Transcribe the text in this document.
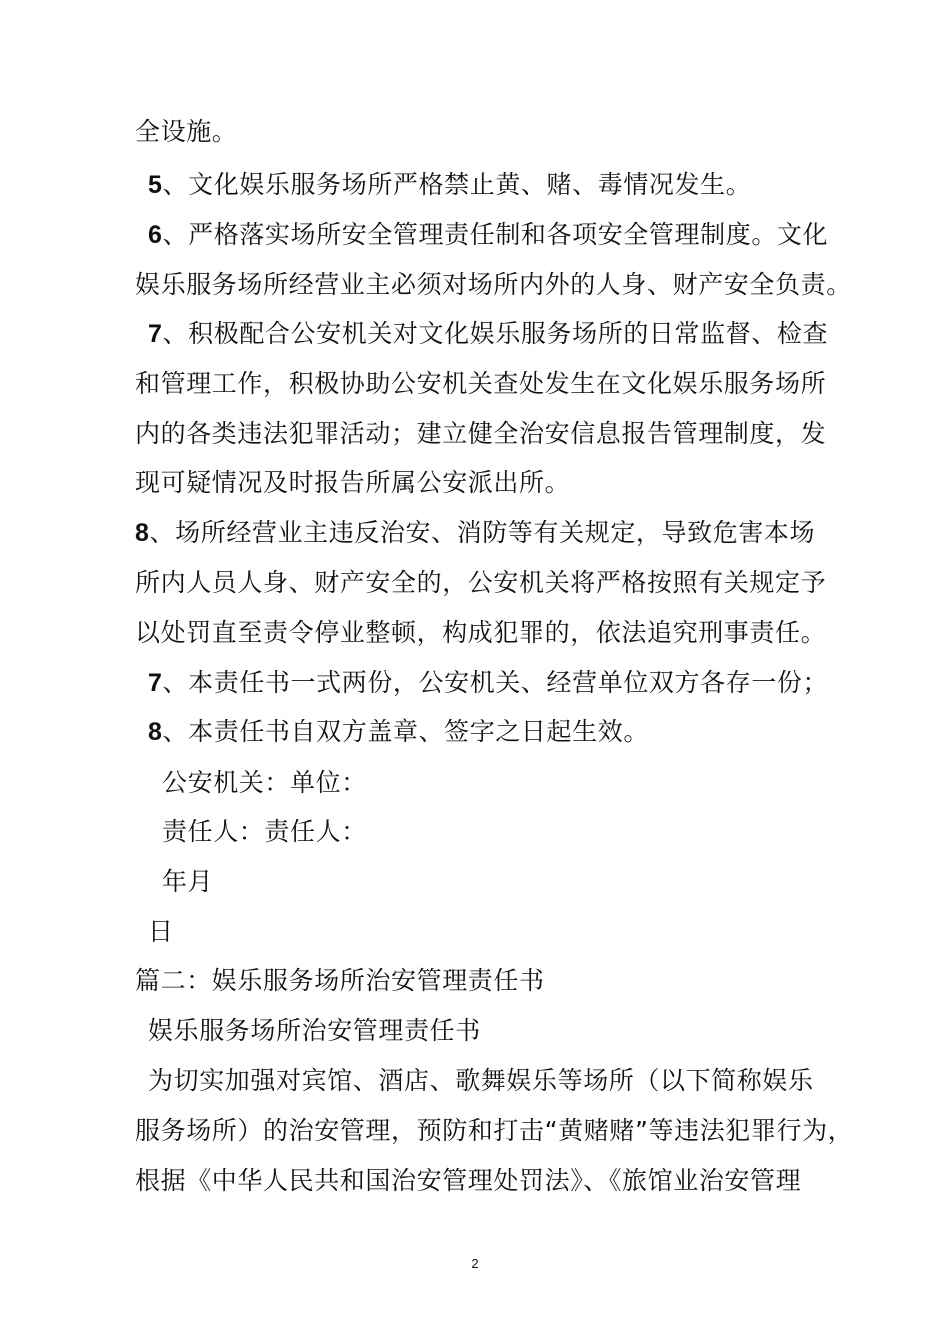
全设施。
5、文化娱乐服务场所严格禁止黄、赌、毒情况发生。
6、严格落实场所安全管理责任制和各项安全管理制度。文化
娱乐服务场所经营业主必须对场所内外的人身、财产安全负责。
7、积极配合公安机关对文化娱乐服务场所的日常监督、检查
和管理工作，积极协助公安机关查处发生在文化娱乐服务场所
内的各类违法犯罪活动；建立健全治安信息报告管理制度，发
现可疑情况及时报告所属公安派出所。
8、场所经营业主违反治安、消防等有关规定，导致危害本场
所内人员人身、财产安全的，公安机关将严格按照有关规定予
以处罚直至责令停业整顿，构成犯罪的，依法追究刑事责任。
7、本责任书一式两份，公安机关、经营单位双方各存一份；
8、本责任书自双方盖章、签字之日起生效。
公安机关：单位：
责任人：责任人：
年月
日
篇二：娱乐服务场所治安管理责任书
娱乐服务场所治安管理责任书
为切实加强对宾馆、酒店、歌舞娱乐等场所（以下简称娱乐
服务场所）的治安管理，预防和打击“黄赌赌”等违法犯罪行为，
根据《中华人民共和国治安管理处罚法》、《旅馆业治安管理
2
